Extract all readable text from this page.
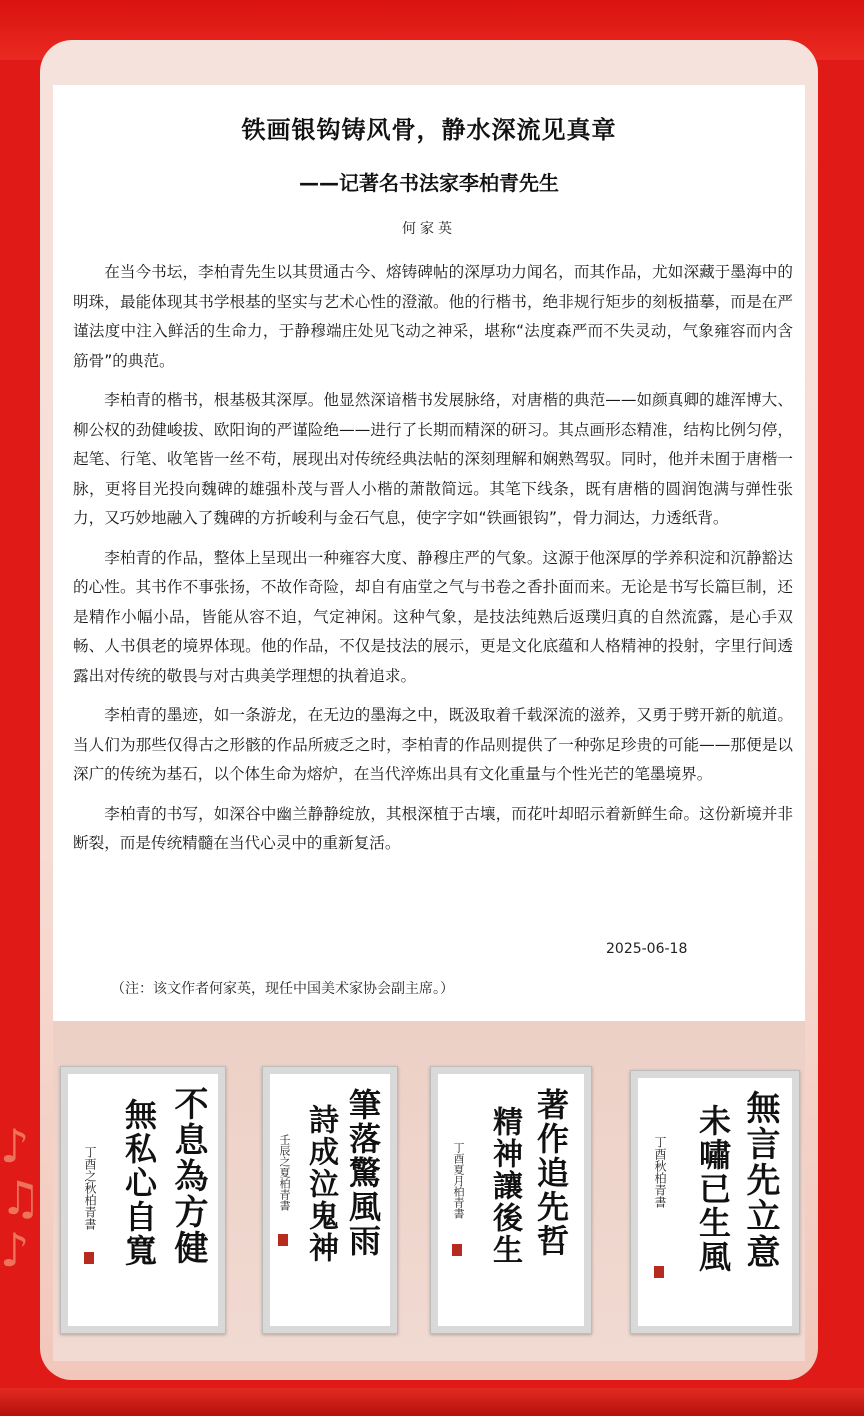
♪
♫
♪
铁画银钩铸风骨，静水深流见真章
——记著名书法家李柏青先生
何家英

在当今书坛，李柏青先生以其贯通古今、熔铸碑帖的深厚功力闻名，而其作品，尤如深藏于墨海中的明珠，最能体现其书学根基的坚实与艺术心性的澄澈。他的行楷书，绝非规行矩步的刻板描摹，而是在严谨法度中注入鲜活的生命力，于静穆端庄处见飞动之神采，堪称“法度森严而不失灵动，气象雍容而内含筋骨”的典范。

李柏青的楷书，根基极其深厚。他显然深谙楷书发展脉络，对唐楷的典范——如颜真卿的雄浑博大、柳公权的劲健峻拔、欧阳询的严谨险绝——进行了长期而精深的研习。其点画形态精准，结构比例匀停，起笔、行笔、收笔皆一丝不苟，展现出对传统经典法帖的深刻理解和娴熟驾驭。同时，他并未囿于唐楷一脉，更将目光投向魏碑的雄强朴茂与晋人小楷的萧散简远。其笔下线条，既有唐楷的圆润饱满与弹性张力，又巧妙地融入了魏碑的方折峻利与金石气息，使字字如“铁画银钩”，骨力洞达，力透纸背。

李柏青的作品，整体上呈现出一种雍容大度、静穆庄严的气象。这源于他深厚的学养积淀和沉静豁达的心性。其书作不事张扬，不故作奇险，却自有庙堂之气与书卷之香扑面而来。无论是书写长篇巨制，还是精作小幅小品，皆能从容不迫，气定神闲。这种气象，是技法纯熟后返璞归真的自然流露，是心手双畅、人书俱老的境界体现。他的作品，不仅是技法的展示，更是文化底蕴和人格精神的投射，字里行间透露出对传统的敬畏与对古典美学理想的执着追求。

李柏青的墨迹，如一条游龙，在无边的墨海之中，既汲取着千载深流的滋养，又勇于劈开新的航道。当人们为那些仅得古之形骸的作品所疲乏之时，李柏青的作品则提供了一种弥足珍贵的可能——那便是以深广的传统为基石，以个体生命为熔炉，在当代淬炼出具有文化重量与个性光芒的笔墨境界。

李柏青的书写，如深谷中幽兰静静绽放，其根深植于古壤，而花叶却昭示着新鲜生命。这份新境并非断裂，而是传统精髓在当代心灵中的重新复活。

2025-06-18
（注：该文作者何家英，现任中国美术家协会副主席。）
不息為方健
無私心自寬
丁酉之秋柏青書	筆落驚風雨
詩成泣鬼神
壬辰之夏柏青書	著作追先哲
精神讓後生
丁酉夏月柏青書	無言先立意
未嘯已生風
丁酉秋柏青書
